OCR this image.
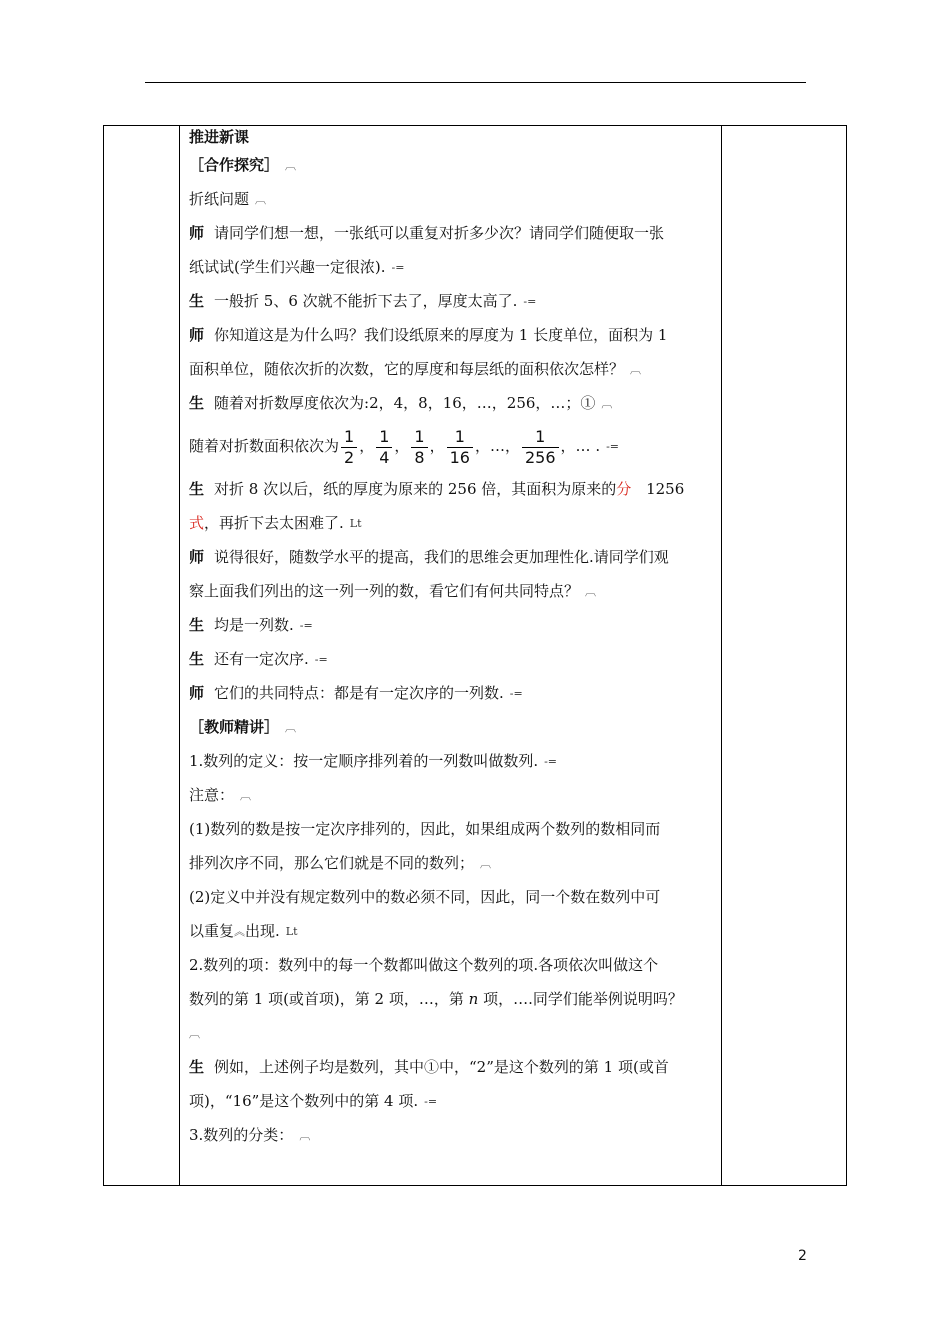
推进新课
［合作探究］ ︹
折纸问题 ︹
师 请同学们想一想，一张纸可以重复对折多少次？请同学们随便取一张
纸试试(学生们兴趣一定很浓). -=
生 一般折 5、6 次就不能折下去了，厚度太高了. -=
师 你知道这是为什么吗？我们设纸原来的厚度为 1 长度单位，面积为 1
面积单位，随依次折的次数，它的厚度和每层纸的面积依次怎样？ ︹
生 随着对折数厚度依次为:2，4，8，16，…，256，…；① ︹
随着对折数面积依次为 $\frac{1}{2}$ ， $\frac{1}{4}$ ， $\frac{1}{8}$ ， $\frac{1}{16}$ ，…， $\frac{1}{256}$ ，… . -=
生 对折 8 次以后，纸的厚度为原来的 256 倍，其面积为原来的分 1256
式，再折下去太困难了. Lt
师 说得很好，随数学水平的提高，我们的思维会更加理性化.请同学们观
察上面我们列出的这一列一列的数，看它们有何共同特点？ ︹
生 均是一列数. -=
生 还有一定次序. -=
师 它们的共同特点：都是有一定次序的一列数. -=
［教师精讲］ ︹
1.数列的定义：按一定顺序排列着的一列数叫做数列. -=
注意： ︹
(1)数列的数是按一定次序排列的，因此，如果组成两个数列的数相同而
排列次序不同，那么它们就是不同的数列； ︹
(2)定义中并没有规定数列中的数必须不同，因此，同一个数在数列中可
以重复︽出现. Lt
2.数列的项：数列中的每一个数都叫做这个数列的项.各项依次叫做这个
数列的第 1 项(或首项)，第 2 项，…，第 n 项，….同学们能举例说明吗？
︹
生 例如，上述例子均是数列，其中①中，“2”是这个数列的第 1 项(或首
项)，“16”是这个数列中的第 4 项. -=
3.数列的分类： ︹

2
